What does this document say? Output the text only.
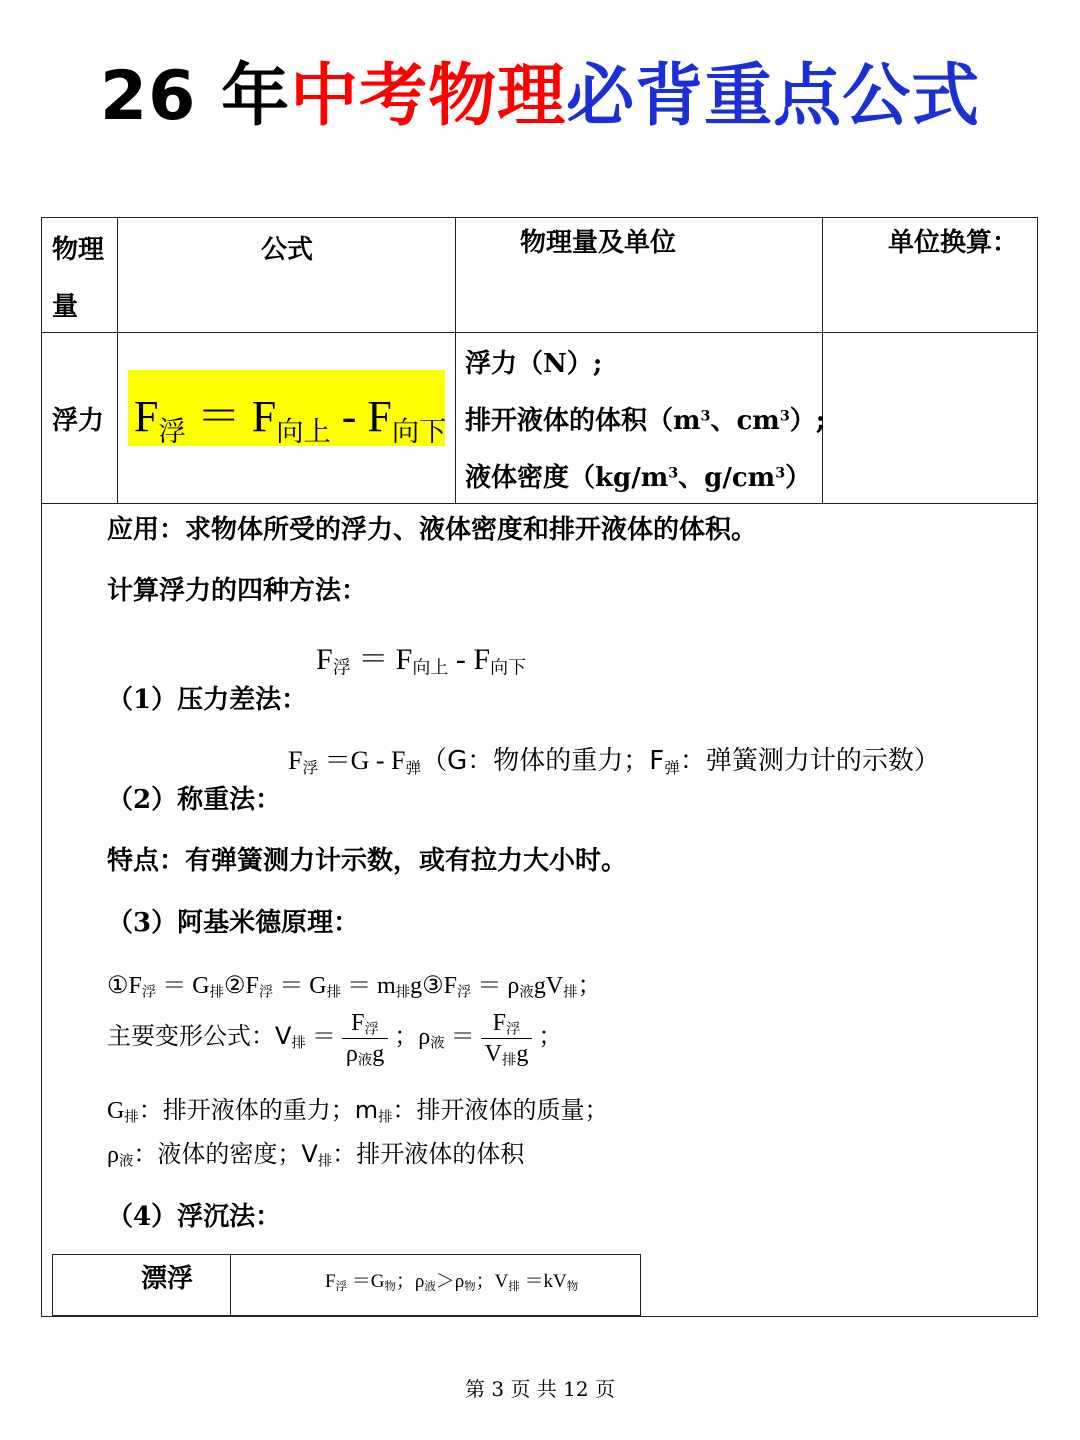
26 年中考物理必背重点公式
物理
量
公式	物理量及单位	单位换算：
浮力 $F_浮 = F_{向上} - F_{向下}$
浮力（N）;
排开液体的体积（$m^3$、$cm^3$）;
液体密度（$kg/m^3$、$g/cm^3$）
应用：求物体所受的浮力、液体密度和排开液体的体积。
计算浮力的四种方法：
$F_浮 = F_{向上} - F_{向下}$
（1）压力差法：
$F_浮 =G - F_弹(G$：物体的重力；$F_弹$：弹簧测力计的示数）
（2）称重法：
特点：有弹簧测力计示数，或有拉力大小时。
（3）阿基米德原理：
$①F_浮$ ＝ $G_排②F_浮 = G_排$ ＝ $m_排g③F_浮 = \rho_液gV_排$；
主要变形公式：$V_排 = \frac{F_浮}{\rho_液g}$ ；$\rho_液 = \frac{F_浮}{V_排g}$ ；
$G_排$：排开液体的重力；$m_排$：排开液体的质量；
$\rho_液$：液体的密度；$V_排$：排开液体的体积
（4）浮沉法：
漂浮	$F_浮 =G_物$；$\rho_液>\rho_物$；$V_排 =kV_物$
第 3 页 共 12 页
